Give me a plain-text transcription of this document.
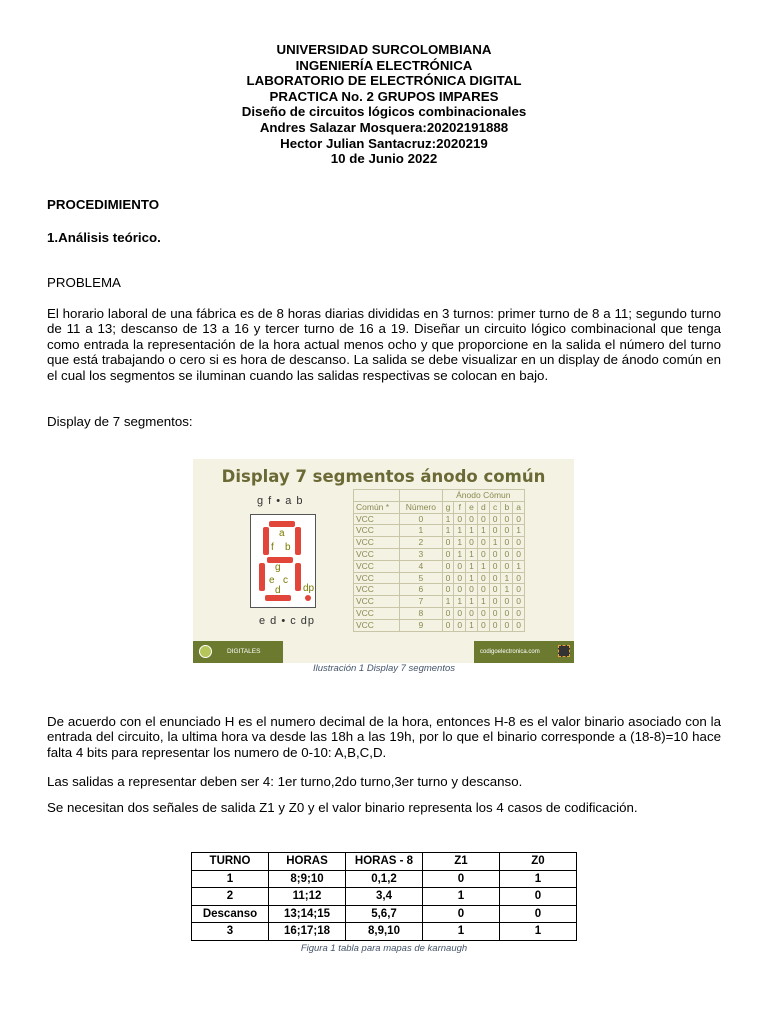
UNIVERSIDAD SURCOLOMBIANA
INGENIERÍA ELECTRÓNICA
LABORATORIO DE ELECTRÓNICA DIGITAL
PRACTICA No. 2 GRUPOS IMPARES
Diseño de circuitos lógicos combinacionales
Andres Salazar Mosquera:20202191888
Hector Julian Santacruz:2020219
10 de Junio 2022
PROCEDIMIENTO
1.Análisis teórico.
PROBLEMA
El horario laboral de una fábrica es de 8 horas diarias divididas en 3 turnos: primer turno de 8 a 11; segundo turno de 11 a 13; descanso de 13 a 16 y tercer turno de 16 a 19. Diseñar un circuito lógico combinacional que tenga como entrada la representación de la hora actual menos ocho y que proporcione en la salida el número del turno que está trabajando o cero si es hora de descanso. La salida se debe visualizar en un display de ánodo común en el cual los segmentos se iluminan cuando las salidas respectivas se colocan en bajo.
Display de 7 segmentos:
Display 7 segmentos ánodo común
g f • a b
a
b
g
e c
d
f
dp
e d • c dp
		Ánodo Cómun						
Común *	Número	g	f	e	d	c	b	a
VCC	0	1	0	0	0	0	0	0
VCC	1	1	1	1	1	0	0	1
VCC	2	0	1	0	0	1	0	0
VCC	3	0	1	1	0	0	0	0
VCC	4	0	0	1	1	0	0	1
VCC	5	0	0	1	0	0	1	0
VCC	6	0	0	0	0	0	1	0
VCC	7	1	1	1	1	0	0	0
VCC	8	0	0	0	0	0	0	0
VCC	9	0	0	1	0	0	0	0
DIGITALES	codigoelectronica.com
Ilustración 1 Display 7 segmentos
De acuerdo con el enunciado H es el numero decimal de la hora, entonces H-8 es el valor binario asociado con la entrada del circuito, la ultima hora va desde las 18h a las 19h, por lo que el binario corresponde a (18-8)=10 hace falta 4 bits para representar los numero de 0-10: A,B,C,D.
Las salidas a representar deben ser 4: 1er turno,2do turno,3er turno y descanso.
Se necesitan dos señales de salida Z1 y Z0 y el valor binario representa los 4 casos de codificación.
TURNO	HORAS	HORAS - 8	Z1	Z0
1	8;9;10	0,1,2	0	1
2	11;12	3,4	1	0
Descanso	13;14;15	5,6,7	0	0
3	16;17;18	8,9,10	1	1
Figura 1 tabla para mapas de karnaugh
